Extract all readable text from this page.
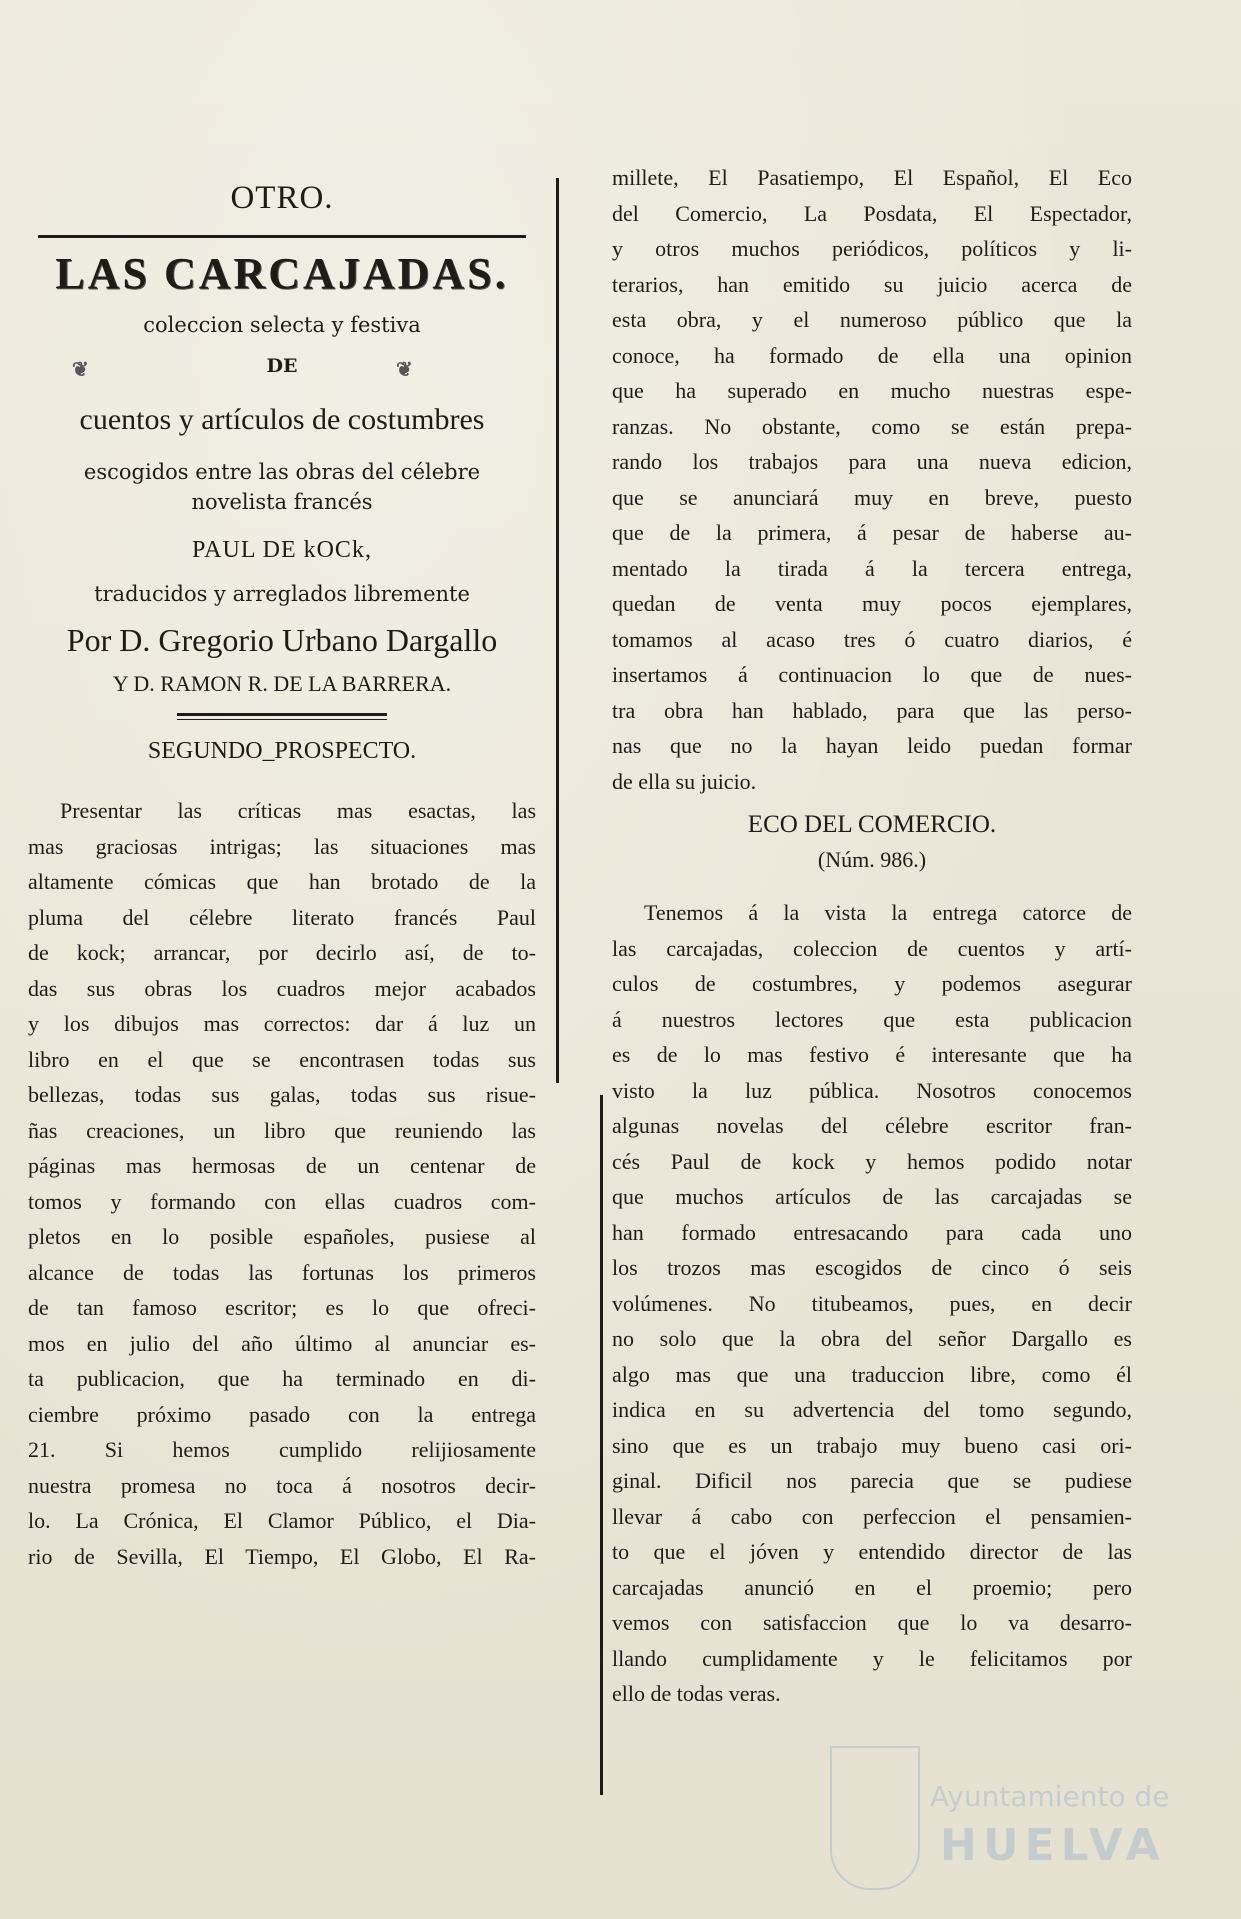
OTRO.
LAS CARCAJADAS.
coleccion selecta y festiva
❦	DE	❦
cuentos y artículos de costumbres
escogidos entre las obras del célebre
novelista francés
PAUL DE kOCk,
traducidos y arreglados libremente
Por D. Gregorio Urbano Dargallo
Y D. RAMON R. DE LA BARRERA.
SEGUNDO_PROSPECTO.
Presentar las críticas mas esactas, las
mas graciosas intrigas; las situaciones mas
altamente cómicas que han brotado de la
pluma del célebre literato francés Paul
de kock; arrancar, por decirlo así, de to-
das sus obras los cuadros mejor acabados
y los dibujos mas correctos: dar á luz un
libro en el que se encontrasen todas sus
bellezas, todas sus galas, todas sus risue-
ñas creaciones, un libro que reuniendo las
páginas mas hermosas de un centenar de
tomos y formando con ellas cuadros com-
pletos en lo posible españoles, pusiese al
alcance de todas las fortunas los primeros
de tan famoso escritor; es lo que ofreci-
mos en julio del año último al anunciar es-
ta publicacion, que ha terminado en di-
ciembre próximo pasado con la entrega
21. Si hemos cumplido relijiosamente
nuestra promesa no toca á nosotros decir-
lo. La Crónica, El Clamor Público, el Dia-
rio de Sevilla, El Tiempo, El Globo, El Ra-
millete, El Pasatiempo, El Español, El Eco
del Comercio, La Posdata, El Espectador,
y otros muchos periódicos, políticos y li-
terarios, han emitido su juicio acerca de
esta obra, y el numeroso público que la
conoce, ha formado de ella una opinion
que ha superado en mucho nuestras espe-
ranzas. No obstante, como se están prepa-
rando los trabajos para una nueva edicion,
que se anunciará muy en breve, puesto
que de la primera, á pesar de haberse au-
mentado la tirada á la tercera entrega,
quedan de venta muy pocos ejemplares,
tomamos al acaso tres ó cuatro diarios, é
insertamos á continuacion lo que de nues-
tra obra han hablado, para que las perso-
nas que no la hayan leido puedan formar
de ella su juicio.
ECO DEL COMERCIO.
(Núm. 986.)
Tenemos á la vista la entrega catorce de
las carcajadas, coleccion de cuentos y artí-
culos de costumbres, y podemos asegurar
á nuestros lectores que esta publicacion
es de lo mas festivo é interesante que ha
visto la luz pública. Nosotros conocemos
algunas novelas del célebre escritor fran-
cés Paul de kock y hemos podido notar
que muchos artículos de las carcajadas se
han formado entresacando para cada uno
los trozos mas escogidos de cinco ó seis
volúmenes. No titubeamos, pues, en decir
no solo que la obra del señor Dargallo es
algo mas que una traduccion libre, como él
indica en su advertencia del tomo segundo,
sino que es un trabajo muy bueno casi ori-
ginal. Dificil nos parecia que se pudiese
llevar á cabo con perfeccion el pensamien-
to que el jóven y entendido director de las
carcajadas anunció en el proemio; pero
vemos con satisfaccion que lo va desarro-
llando cumplidamente y le felicitamos por
ello de todas veras.
Ayuntamiento de
HUELVA
